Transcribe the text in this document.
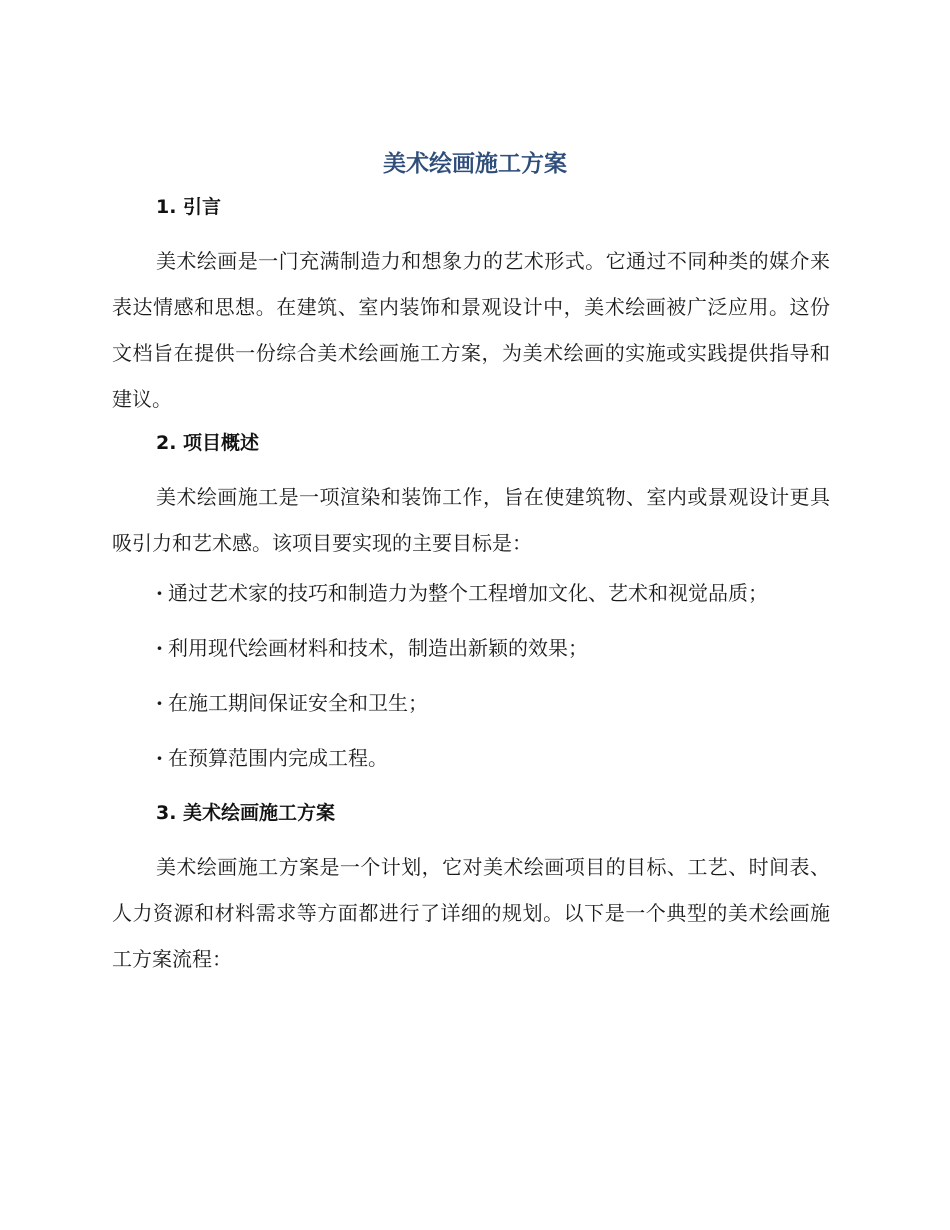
美术绘画施工方案
1. 引言
美术绘画是一门充满制造力和想象力的艺术形式。它通过不同种类的媒介来表达情感和思想。在建筑、室内装饰和景观设计中，美术绘画被广泛应用。这份文档旨在提供一份综合美术绘画施工方案，为美术绘画的实施或实践提供指导和建议。
2. 项目概述
美术绘画施工是一项渲染和装饰工作，旨在使建筑物、室内或景观设计更具吸引力和艺术感。该项目要实现的主要目标是：
· 通过艺术家的技巧和制造力为整个工程增加文化、艺术和视觉品质；
· 利用现代绘画材料和技术，制造出新颖的效果；
· 在施工期间保证安全和卫生；
· 在预算范围内完成工程。
3. 美术绘画施工方案
美术绘画施工方案是一个计划，它对美术绘画项目的目标、工艺、时间表、人力资源和材料需求等方面都进行了详细的规划。以下是一个典型的美术绘画施工方案流程：
